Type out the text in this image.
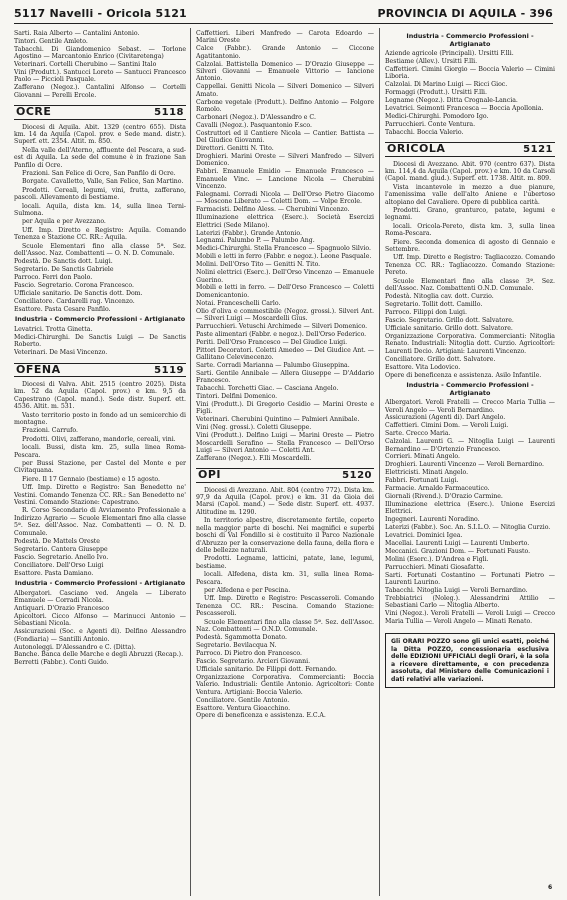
5117 Navelli - Oricola 5121	PROVINCIA DI AQUILA - 396
Sarti. Raia Alberto — Cantalini Antonio.
Tintori. Gentile Amleto.
Tabacchi. Di Giandomenico Sebast. — Torlone Agostino — Marcantonio Enrico (Civitaretenga)
Veterinari. Cortelli Cherubino — Santini Italo
Vini (Produtt.). Santucci Loreto — Santucci Francesco Paolo — Piccioli Pasquale.
Zafferano (Negoz.). Cantalini Alfonso — Cortelli Giovanni — Perelli Ercole.
OCRE	5118
Diocesi di Aquila. Abit. 1329 (centro 655). Dista km. 14 da Aquila (Capol. prov. e Sede mand. distr.). Superf. ett. 2354. Altit. m. 850.
Nella valle dell'Aterno, affluente del Pescara, a sud-est di Aquila. La sede del comune è in frazione San Panfilo di Ocre.
Frazioni. San Felice di Ocre, San Panfilo di Ocre.
Borgate. Cavalletto, Valle, San Felice, San Martino.
Prodotti. Cereali, legumi, vini, frutta, zafferano, pascoli. Allevamento di bestiame.
locali. Aquila, dista km. 14, sulla linea Terni-Sulmona.
per Aquila e per Avezzano.
Uff. Imp. Diretto e Registro: Aquila. Comando Tenenza e Stazione CC. RR.: Aquila.
Scuole Elementari fino alla classe 5ª. Sez. dell'Assoc. Naz. Combattenti — O. N. D. Comunale.
Podestà. De Sanctis dott. Luigi.
Segretario. De Sanctis Gabriele
Parroco. Ferri don Paolo.
Fascio. Segretario. Corona Francesco.
Ufficiale sanitario. De Sanctis dott. Dom.
Conciliatore. Cardarelli rag. Vincenzo.
Esattore. Pasta Cesare Panfilo.
Industria - Commercio Professioni - Artigianato
Levatrici. Trotta Ginetta.
Medici-Chirurghi. De Sanctis Luigi — De Sanctis Roberto.
Veterinari. De Masi Vincenzo.
OFENA	5119
Diocesi di Valva. Abit. 2515 (centro 2025). Dista km. 52 da Aquila (Capol. prov.) e km. 9,5 da Capestrano (Capol. mand.). Sede distr. Superf. ett. 4536. Altit. m. 531.
Vasto territorio posto in fondo ad un semicerchio di montagne.
Frazioni. Carrufo.
Prodotti. Olivi, zafferano, mandorle, cereali, vini.
locali. Bussi, dista km. 25, sulla linea Roma-Pescara.
per Bussi Stazione, per Castel del Monte e per Civitaquana.
Fiere. Il 17 Gennaio (bestiame) e 15 agosto.
Uff. Imp. Diretto e Registro: San Benedetto ne' Vestini. Comando Tenenza CC. RR.: San Benedetto ne' Vestini. Comando Stazione: Capestrano.
R. Corso Secondario di Avviamento Professionale a Indirizzo Agrario — Scuole Elementari fino alla classe 5ª. Sez. dell'Assoc. Naz. Combattenti — O. N. D. Comunale.
Podestà. De Mattels Oreste
Segretario. Cantera Giuseppe
Fascio. Segretario. Anello Ivo.
Conciliatore. Dell'Orso Luigi
Esattore. Pasta Damiano.
Industria - Commercio Professioni - Artigianato
Albergatori. Casciano ved. Angela — Liberato Emanuele — Corradi Nicola.
Antiquari. D'Orazio Francesco
Apicoltori. Cicco Alfonso — Marinucci Antonio — Sebastiani Nicola.
Assicurazioni (Soc. e Agenti di). Delfino Alessandro (Fondiaria) — Santilli Antonio.
Autonoleggi. D'Alessandro e C. (Ditta).
Banche. Banca delle Marche e degli Abruzzi (Recap.).
Berretti (Fabbr.). Conti Guido.
Caffettieri. Liberi Manfredo — Carota Edoardo — Marini Oreste
Calce (Fabbr.). Grande Antonio — Ciccone Agatitantonio.
Calzolai. Battistella Domenico — D'Orazio Giuseppe — Silveri Giovanni — Emanuele Vittorio — Iancione Antonio.
Cappellai. Genitti Nicola — Silveri Domenico — Silveri Amato.
Carbone vegetale (Produtt.). Delfino Antonio — Folgore Romolo.
Carbonari (Negoz.). D'Alessandro e C.
Cavalli (Negoz.). Pasquantonio F.sco.
Costruttori ed il Cantiere Nicola — Cantier. Battista — Del Giudice Giovanni.
Direttori. Genitti N. Tito.
Droghieri. Marini Oreste — Silveri Manfredo — Silveri Domenico.
Fabbri. Emanuele Emidio — Emanuele Francesco — Emanuele Vinc. — Lancione Nicola — Cherubini Vincenzo.
Falegnami. Corradi Nicola — Dell'Orso Pietro Giacomo — Moscone Liberato — Coletti Dom. — Volpe Ercole.
Farmacisti. Delfino Aless. — Cherubini Vincenzo.
Illuminazione elettrica (Eserc.). Società Esercizi Elettrici (Sede Milano).
Laterizi (Fabbr.). Grande Antonio.
Legnami. Palumbo P. — Palumbo Ang.
Medici-Chirurghi. Stella Francesco — Spagnuolo Silvio.
Mobili e letti in ferro (Fabbr. e negoz.). Leone Pasquale.
Molini. Dell'Orso Tito — Genitti N. Tito.
Nolini elettrici (Eserc.). Dell'Orso Vincenzo — Emanuele Guerino.
Mobili e letti in ferro. — Dell'Orso Francesco — Coletti Domenicantonio.
Notai. Franceschelli Carlo.
Olio d'oliva e commestibile (Negoz. grossi.). Silveri Ant. — Silveri Luigi — Moscardelli Gius.
Parrucchieri. Vetuschi Archimede — Silveri Domenico.
Paste alimentari (Fabbr. e negoz.). Dell'Orso Federico.
Periti. Dell'Orso Francesco — Del Giudice Luigi.
Pittori Decoratori. Coletti Amedeo — Del Giudice Ant. — Gallitano Celevinecenzo.
Sarte. Corradi Marianna — Palumbo Giuseppina.
Sarti. Gentile Annibale — Allera Giuseppe — D'Addario Francesco.
Tabacchi. Torchetti Giac. — Casciana Angelo.
Tintori. Delfini Domenico.
Vini (Produtt.). Di Gregorio Cesidio — Marini Oreste e Figli.
Veterinari. Cherubini Quintino — Palmieri Annibale.
Vini (Neg. grossi.). Coletti Giuseppe.
Vini (Produtt.). Delfino Luigi — Marini Oreste — Pietro Moscardelli Serafino — Stella Francesco — Dell'Orso Luigi — Silveri Antonio — Coletti Ant.
Zafferano (Negoz.). F.lli Moscardelli.
OPI	5120
Diocesi di Avezzano. Abit. 804 (centro 772). Dista km. 97,9 da Aquila (Capol. prov.) e km. 31 da Gioia dei Marsi (Capol. mand.) — Sede distr. Superf. ett. 4937. Altitudine m. 1290.
In territorio alpestre, discretamente fertile, coperto nella maggior parte di boschi. Nei magnifici e superbi boschi di Val Fondillo si è costituito il Parco Nazionale d'Abruzzo per la conservazione della fauna, della flora e delle bellezze naturali.
Prodotti. Legname, latticini, patate, lane, legumi, bestiame.
locali. Alfedena, dista km. 31, sulla linea Roma-Pescara.
per Alfedena e per Pescina.
Uff. Imp. Diretto e Registro: Pescasseroli. Comando Tenenza CC. RR.: Pescina. Comando Stazione: Pescasseroli.
Scuole Elementari fino alla classe 5ª. Sez. dell'Assoc. Naz. Combattenti — O.N.D. Comunale.
Podestà. Sgammotta Donato.
Segretario. Bevilacqua N.
Parroco. Di Pietro don Francesco.
Fascio. Segretario. Arcieri Giovanni.
Ufficiale sanitario. De Filippi dott. Fernando.
Organizzazione Corporativa. Commercianti: Boccia Valerio. Industriali: Gentile Antonio. Agricoltori: Conte Ventura. Artigiani: Boccia Valerio.
Conciliatore. Gentile Antonio.
Esattore. Ventura Gioacchino.
Opere di beneficenza e assistenza. E.C.A.
Industria - Commercio Professioni - Artigianato
Aziende agricole (Principali). Ursitti F.lli.
Bestiame (Allev.). Ursitti F.lli.
Caffettieri. Cimini Giorgio — Boccia Valerio — Cimini Liboria.
Calzolai. Di Marino Luigi — Ricci Gioc.
Formaggi (Produtt.). Ursitti F.lli.
Legname (Negoz.). Ditta Crognale-Lancia.
Levatrici. Seimonti Francesca — Boccia Apollonia.
Medici-Chirurghi. Pomodoro Igo.
Parrucchieri. Conte Ventura.
Tabacchi. Boccia Valerio.
ORICOLA	5121
Diocesi di Avezzano. Abit. 970 (centro 637). Dista km. 114,4 da Aquila (Capol. prov.) e km. 10 da Carsoli (Capol. mand. giud.). Superf. ett. 1738. Altit. m. 809.
Vista incantevole in mezzo a due pianure, l'amenissima valle dell'alto Aniene e l'ubertoso altopiano del Cavaliere. Opere di pubblica carità.
Prodotti. Grano, granturco, patate, legumi e legnami.
locali. Oricola-Pereto, dista km. 3, sulla linea Roma-Pescara.
Fiere. Seconda domenica di agosto di Gennaio e Settembre.
Uff. Imp. Diretto e Registro: Tagliacozzo. Comando Tenenza CC. RR.: Tagliacozzo. Comando Stazione: Pereto.
Scuole Elementari fino alla classe 3ª. Sez. dell'Assoc. Naz. Combattenti O.N.D. Comunale.
Podestà. Nitoglia cav. dott. Curzio.
Segretario. Tollit dott. Camillo.
Parroco. Filippi don Luigi.
Fascio. Segretario. Grillo dott. Salvatore.
Ufficiale sanitario. Grillo dott. Salvatore.
Organizzazione Corporativa. Commercianti: Nitoglia Renato. Industriali: Nitoglia dott. Curzio. Agricoltori: Laurenti Decio. Artigiani: Laurenti Vincenzo.
Conciliatore. Grillo dott. Salvatore.
Esattore. Vita Lodovico.
Opere di beneficenza e assistenza. Asilo Infantile.
Industria - Commercio Professioni - Artigianato
Albergatori. Veroli Fratelli — Crecco Maria Tullia — Veroli Angelo — Veroli Bernardino.
Assicurazioni (Agenti di). Darl Angelo.
Caffettieri. Cimini Dom. — Veroli Luigi.
Sarte. Crecco Maria.
Calzolai. Laurenti G. — Nitoglia Luigi — Laurenti Bernardino — D'Ortenzio Francesco.
Corrieri. Minati Angelo.
Droghieri. Laurenti Vincenzo — Veroli Bernardino.
Elettricisti. Minati Angelo.
Fabbri. Fortunati Luigi.
Farmacie. Arnaldo Farmaceutico.
Giornali (Rivend.). D'Orazio Carmine.
Illuminazione elettrica (Eserc.). Unione Esercizi Elettrici.
Ingegneri. Laurenti Noradino.
Laterizi (Fabbr.). Soc. An. S.I.L.O. — Nitoglia Curzio.
Levatrici. Dominici Igea.
Macellai. Laurenti Luigi — Laurenti Umberto.
Meccanici. Grazioni Dom. — Fortunati Fausto.
Molini (Eserc.). D'Andrea e Figli.
Parrucchieri. Minati Giosafatte.
Sarti. Fortunati Costantino — Fortunati Pietro — Laurenti Laurino.
Tabacchi. Nitoglia Luigi — Veroli Bernardino.
Trebbiatrici (Noleg.). Alessandrini Attilio — Sebastiani Carlo — Nitoglia Alberto.
Vini (Negoz.). Veroli Fratelli — Veroli Luigi — Crecco Maria Tullia — Veroli Angelo — Minati Renato.
Gli ORARI POZZO sono gli unici esatti, poiché la Ditta POZZO, concessionaria esclusiva delle EDIZIONI UFFICIALI degli Orari, è la sola a ricevere direttamente, e con precedenza assoluta, dal Ministero delle Comunicazioni i dati relativi alle variazioni.
6
